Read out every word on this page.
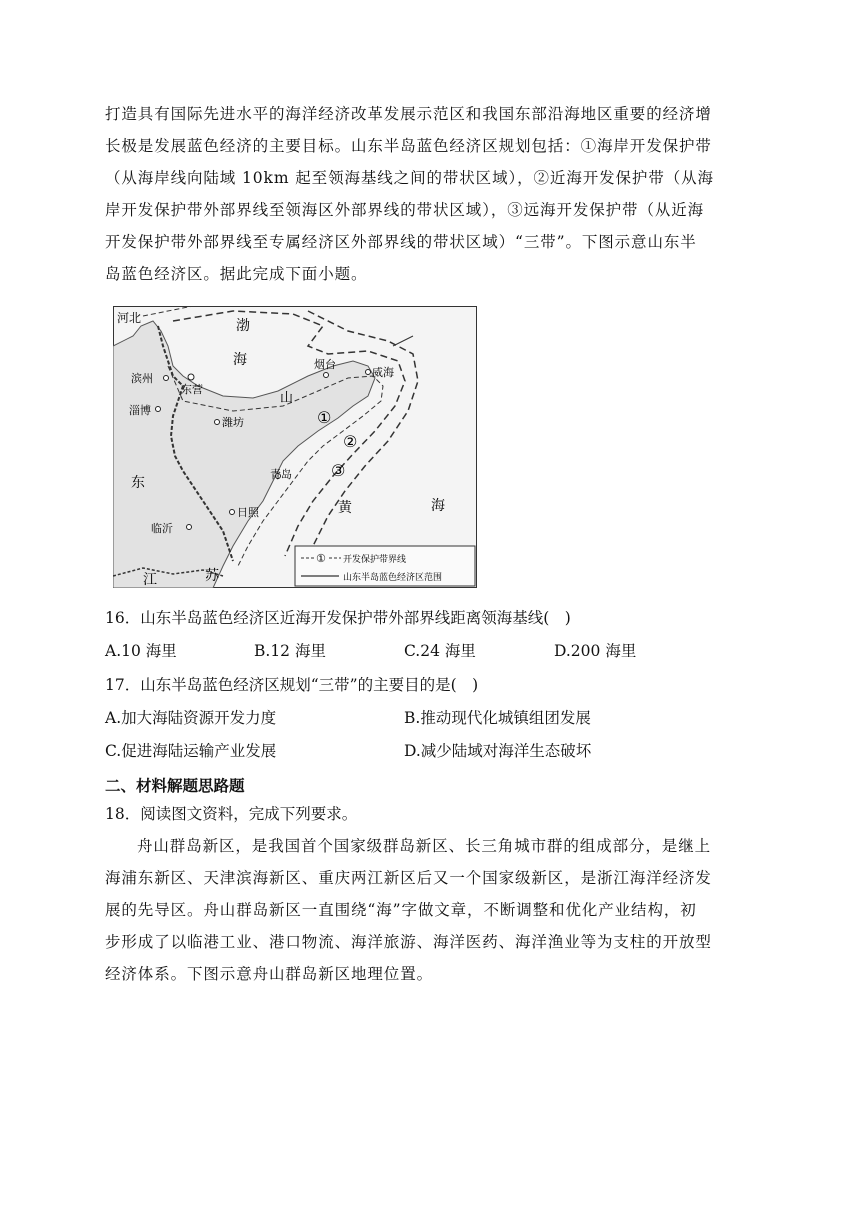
打造具有国际先进水平的海洋经济改革发展示范区和我国东部沿海地区重要的经济增
长极是发展蓝色经济的主要目标。山东半岛蓝色经济区规划包括：①海岸开发保护带
（从海岸线向陆域 10km 起至领海基线之间的带状区域），②近海开发保护带（从海
岸开发保护带外部界线至领海区外部界线的带状区域），③远海开发保护带（从近海
开发保护带外部界线至专属经济区外部界线的带状区域）“三带”。下图示意山东半
岛蓝色经济区。据此完成下面小题。
河北	渤
海
山
东
黄	海
江	苏
滨州
东营
淄博
潍坊
烟台
威海
青岛
日照
临沂
①
②
③
① 开发保护带界线
山东半岛蓝色经济区范围
16．山东半岛蓝色经济区近海开发保护带外部界线距离领海基线(　)
A.10 海里	B.12 海里	C.24 海里	D.200 海里
17．山东半岛蓝色经济区规划“三带”的主要目的是(　)
A.加大海陆资源开发力度	B.推动现代化城镇组团发展
C.促进海陆运输产业发展	D.减少陆域对海洋生态破坏
二、材料解题思路题
18．阅读图文资料，完成下列要求。
舟山群岛新区，是我国首个国家级群岛新区、长三角城市群的组成部分，是继上
海浦东新区、天津滨海新区、重庆两江新区后又一个国家级新区，是浙江海洋经济发
展的先导区。舟山群岛新区一直围绕“海”字做文章，不断调整和优化产业结构，初
步形成了以临港工业、港口物流、海洋旅游、海洋医药、海洋渔业等为支柱的开放型
经济体系。下图示意舟山群岛新区地理位置。
